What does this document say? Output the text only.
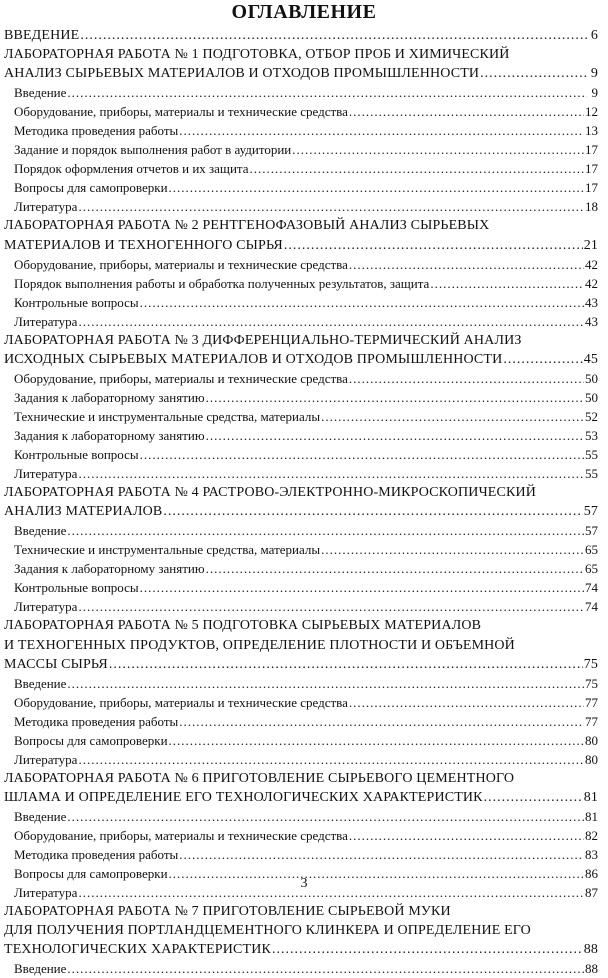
ОГЛАВЛЕНИЕ
ВВЕДЕНИЕ .....	6
ЛАБОРАТОРНАЯ РАБОТА № 1 ПОДГОТОВКА, ОТБОР ПРОБ И ХИМИЧЕСКИЙ
АНАЛИЗ СЫРЬЕВЫХ МАТЕРИАЛОВ И ОТХОДОВ ПРОМЫШЛЕННОСТИ .....	9
Введение .....	9
Оборудование, приборы, материалы и технические средства .....	12
Методика проведения работы .....	13
Задание и порядок выполнения работ в аудитории .....	17
Порядок оформления отчетов и их защита .....	17
Вопросы для самопроверки .....	17
Литература .....	18
ЛАБОРАТОРНАЯ РАБОТА № 2 РЕНТГЕНОФАЗОВЫЙ АНАЛИЗ СЫРЬЕВЫХ
МАТЕРИАЛОВ И ТЕХНОГЕННОГО СЫРЬЯ .....	21
Оборудование, приборы, материалы и технические средства .....	42
Порядок выполнения работы и обработка полученных результатов, защита .....	42
Контрольные вопросы .....	43
Литература .....	43
ЛАБОРАТОРНАЯ РАБОТА № 3 ДИФФЕРЕНЦИАЛЬНО-ТЕРМИЧЕСКИЙ АНАЛИЗ
ИСХОДНЫХ СЫРЬЕВЫХ МАТЕРИАЛОВ И ОТХОДОВ ПРОМЫШЛЕННОСТИ .....	45
Оборудование, приборы, материалы и технические средства .....	50
Задания к лабораторному занятию .....	50
Технические и инструментальные средства, материалы .....	52
Задания к лабораторному занятию .....	53
Контрольные вопросы .....	55
Литература .....	55
ЛАБОРАТОРНАЯ РАБОТА № 4 РАСТРОВО-ЭЛЕКТРОННО-МИКРОСКОПИЧЕСКИЙ
АНАЛИЗ МАТЕРИАЛОВ .....	57
Введение .....	57
Технические и инструментальные средства, материалы .....	65
Задания к лабораторному занятию .....	65
Контрольные вопросы .....	74
Литература .....	74
ЛАБОРАТОРНАЯ РАБОТА № 5 ПОДГОТОВКА СЫРЬЕВЫХ МАТЕРИАЛОВ
И ТЕХНОГЕННЫХ ПРОДУКТОВ, ОПРЕДЕЛЕНИЕ ПЛОТНОСТИ И ОБЪЕМНОЙ
МАССЫ СЫРЬЯ .....	75
Введение .....	75
Оборудование, приборы, материалы и технические средства .....	77
Методика проведения работы .....	77
Вопросы для самопроверки .....	80
Литература .....	80
ЛАБОРАТОРНАЯ РАБОТА № 6 ПРИГОТОВЛЕНИЕ СЫРЬЕВОГО ЦЕМЕНТНОГО
ШЛАМА И ОПРЕДЕЛЕНИЕ ЕГО ТЕХНОЛОГИЧЕСКИХ ХАРАКТЕРИСТИК .....	81
Введение .....	81
Оборудование, приборы, материалы и технические средства .....	82
Методика проведения работы .....	83
Вопросы для самопроверки .....	86
Литература .....	87
ЛАБОРАТОРНАЯ РАБОТА № 7 ПРИГОТОВЛЕНИЕ СЫРЬЕВОЙ МУКИ
ДЛЯ ПОЛУЧЕНИЯ ПОРТЛАНДЦЕМЕНТНОГО КЛИНКЕРА И ОПРЕДЕЛЕНИЕ ЕГО
ТЕХНОЛОГИЧЕСКИХ ХАРАКТЕРИСТИК .....	88
Введение .....	88
3
